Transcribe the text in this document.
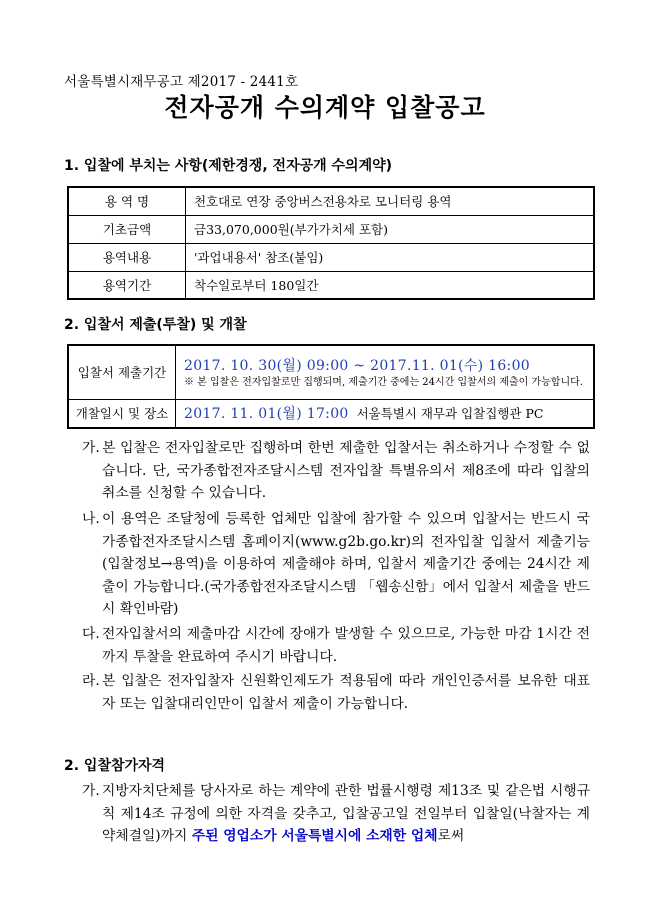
서울특별시재무공고 제2017 - 2441호
전자공개 수의계약 입찰공고
1. 입찰에 부치는 사항(제한경쟁, 전자공개 수의계약)
용 역 명	천호대로 연장 중앙버스전용차로 모니터링 용역
기초금액	금33,070,000원(부가가치세 포함)
용역내용	'과업내용서' 참조(붙임)
용역기간	착수일로부터 180일간
2. 입찰서 제출(투찰) 및 개찰
입찰서 제출기간	2017. 10. 30(월) 09:00 ~ 2017.11. 01(수) 16:00
※ 본 입찰은 전자입찰로만 집행되며, 제출기간 중에는 24시간 입찰서의 제출이 가능합니다.

개찰일시 및 장소	2017. 11. 01(월) 17:00 서울특별시 재무과 입찰집행관 PC
가. 본 입찰은 전자입찰로만 집행하며 한번 제출한 입찰서는 취소하거나 수정할 수 없습니다. 단, 국가종합전자조달시스템 전자입찰 특별유의서 제8조에 따라 입찰의 취소를 신청할 수 있습니다.
나. 이 용역은 조달청에 등록한 업체만 입찰에 참가할 수 있으며 입찰서는 반드시 국가종합전자조달시스템 홈페이지(www.g2b.go.kr)의 전자입찰 입찰서 제출기능(입찰정보→용역)을 이용하여 제출해야 하며, 입찰서 제출기간 중에는 24시간 제출이 가능합니다.(국가종합전자조달시스템 「웹송신함」에서 입찰서 제출을 반드시 확인바람)
다. 전자입찰서의 제출마감 시간에 장애가 발생할 수 있으므로, 가능한 마감 1시간 전까지 투찰을 완료하여 주시기 바랍니다.
라. 본 입찰은 전자입찰자 신원확인제도가 적용됨에 따라 개인인증서를 보유한 대표자 또는 입찰대리인만이 입찰서 제출이 가능합니다.
2. 입찰참가자격
가. 지방자치단체를 당사자로 하는 계약에 관한 법률시행령 제13조 및 같은법 시행규칙 제14조 규정에 의한 자격을 갖추고, 입찰공고일 전일부터 입찰일(낙찰자는 계약체결일)까지 주된 영업소가 서울특별시에 소재한 업체로써
